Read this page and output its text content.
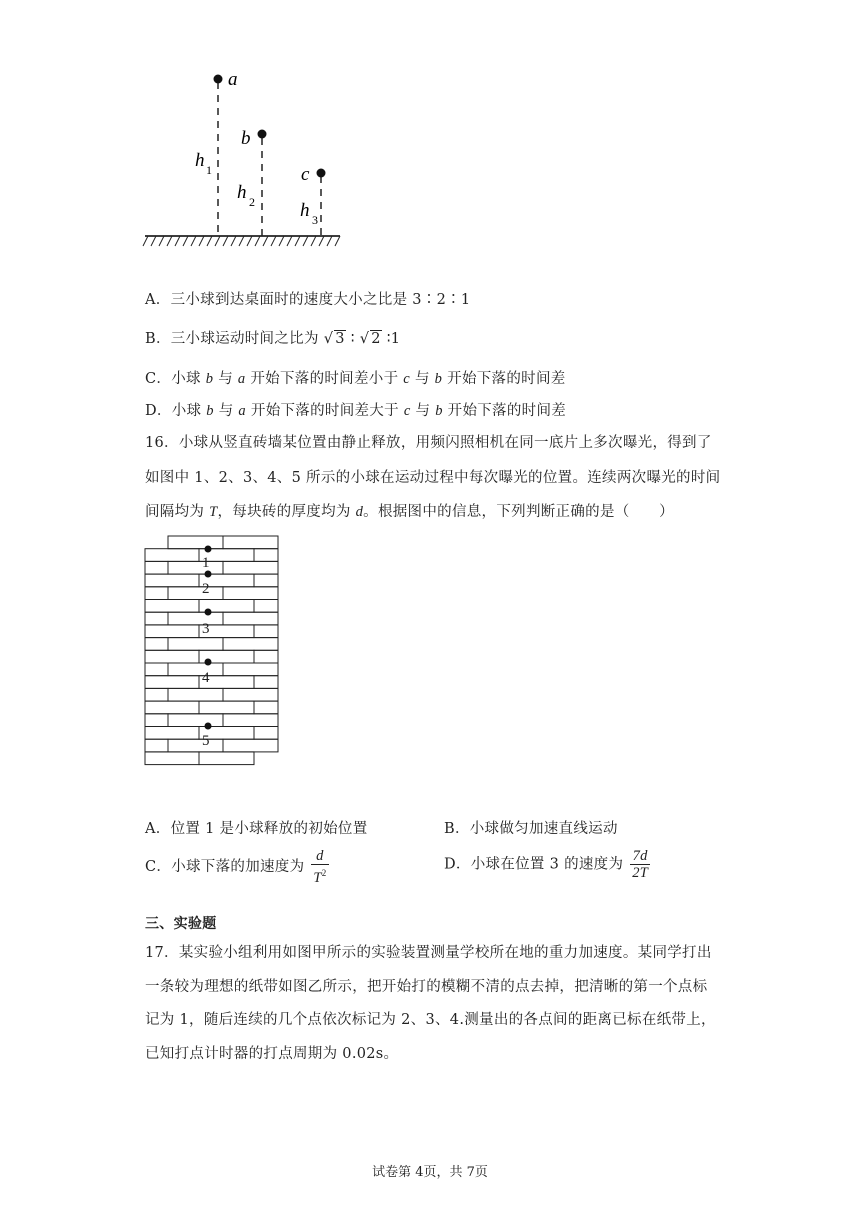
a
b
c
h 1
h 2 h 3
A．三小球到达桌面时的速度大小之比是 3∶2∶1
B．三小球运动时间之比为 √ 3 ∶ √ 2 ∶1
C．小球 b 与 a 开始下落的时间差小于 c 与 b 开始下落的时间差
D．小球 b 与 a 开始下落的时间差大于 c 与 b 开始下落的时间差
16．小球从竖直砖墙某位置由静止释放，用频闪照相机在同一底片上多次曝光，得到了
如图中 1、2、3、4、5 所示的小球在运动过程中每次曝光的位置。连续两次曝光的时间
间隔均为 T，每块砖的厚度均为 d。根据图中的信息，下列判断正确的是（　　）
1
2
3
4
5
A．位置 1 是小球释放的初始位置	B．小球做匀加速直线运动
C．小球下落的加速度为 $\frac{d}{T^2}$	D．小球在位置 3 的速度为 $\frac{7d}{2T}$
三、实验题
17．某实验小组利用如图甲所示的实验装置测量学校所在地的重力加速度。某同学打出
一条较为理想的纸带如图乙所示，把开始打的模糊不清的点去掉，把清晰的第一个点标
记为 1，随后连续的几个点依次标记为 2、3、4.测量出的各点间的距离已标在纸带上，
已知打点计时器的打点周期为 0.02s。
试卷第 4页，共 7页
